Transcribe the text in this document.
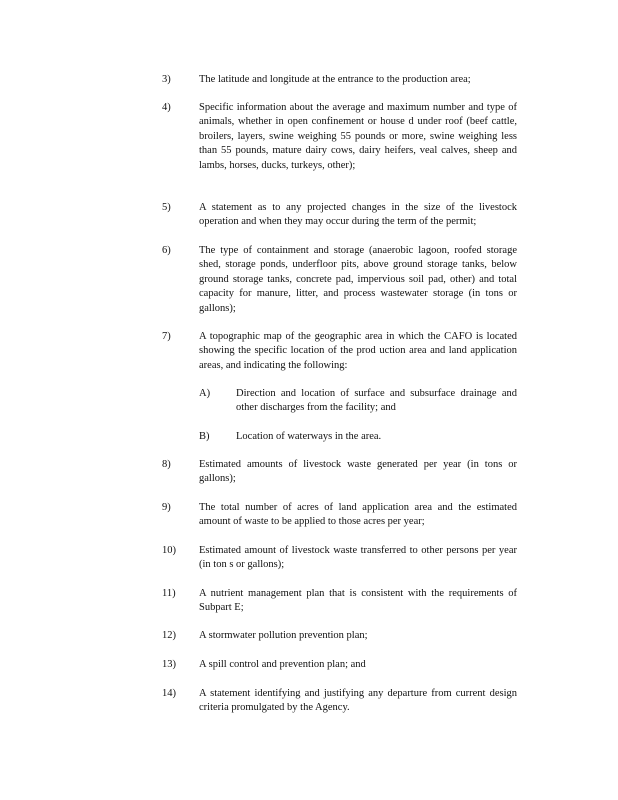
3)	The latitude and longitude at the entrance to the production area;
4)	Specific information about the average and maximum number and type of animals, whether in open confinement or house d under roof (beef cattle, broilers, layers, swine weighing 55 pounds or more, swine weighing less than 55 pounds, mature dairy cows, dairy heifers, veal calves, sheep and lambs, horses, ducks, turkeys, other);
5)	A statement as to any projected changes in the size of the livestock operation and when they may occur during the term of the permit;
6)	The type of containment and storage (anaerobic lagoon, roofed storage shed, storage ponds, underfloor pits, above ground storage tanks, below ground storage tanks, concrete pad, impervious soil pad, other) and total capacity for manure, litter, and process wastewater storage (in tons or gallons);
7)	A topographic map of the geographic area in which the CAFO is located showing the specific location of the prod uction area and land application areas, and indicating the following:
A) Direction and location of surface and subsurface drainage and other discharges from the facility; and
B)	Location of waterways in the area.
8)	Estimated amounts of livestock waste generated per year (in tons or gallons);
9)	The total number of acres of land application area and the estimated amount of waste to be applied to those acres per year;
10) Estimated amount of livestock waste transferred to other persons per year (in ton s or gallons);
11) A nutrient management plan that is consistent with the requirements of Subpart E;
12) A stormwater pollution prevention plan;
13) A spill control and prevention plan; and
14) A statement identifying and justifying any departure from current design criteria promulgated by the Agency.
